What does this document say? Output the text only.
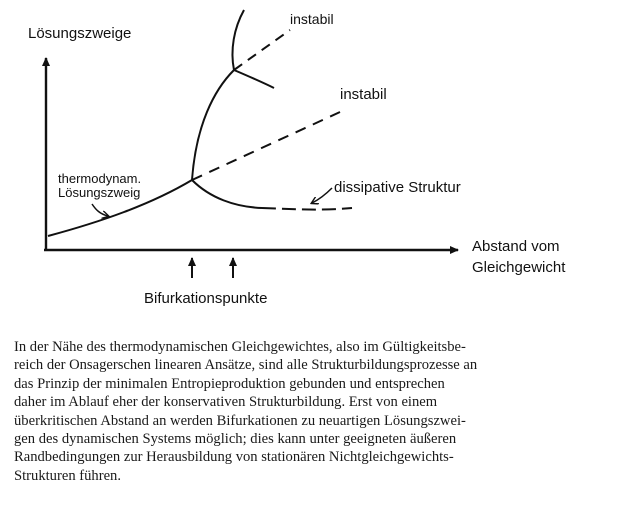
Lösungszweige
Abstand vom
Gleichgewicht
instabil
instabil
thermodynam.
Lösungszweig	dissipative Struktur
Bifurkationspunkte
In der Nähe des thermodynamischen Gleichgewichtes, also im Gültigkeitsbe-
reich der Onsagerschen linearen Ansätze, sind alle Strukturbildungsprozesse an
das Prinzip der minimalen Entropieproduktion gebunden und entsprechen
daher im Ablauf eher der konservativen Strukturbildung. Erst von einem
überkritischen Abstand an werden Bifurkationen zu neuartigen Lösungszwei-
gen des dynamischen Systems möglich; dies kann unter geeigneten äußeren
Randbedingungen zur Herausbildung von stationären Nichtgleichgewichts-
Strukturen führen.
